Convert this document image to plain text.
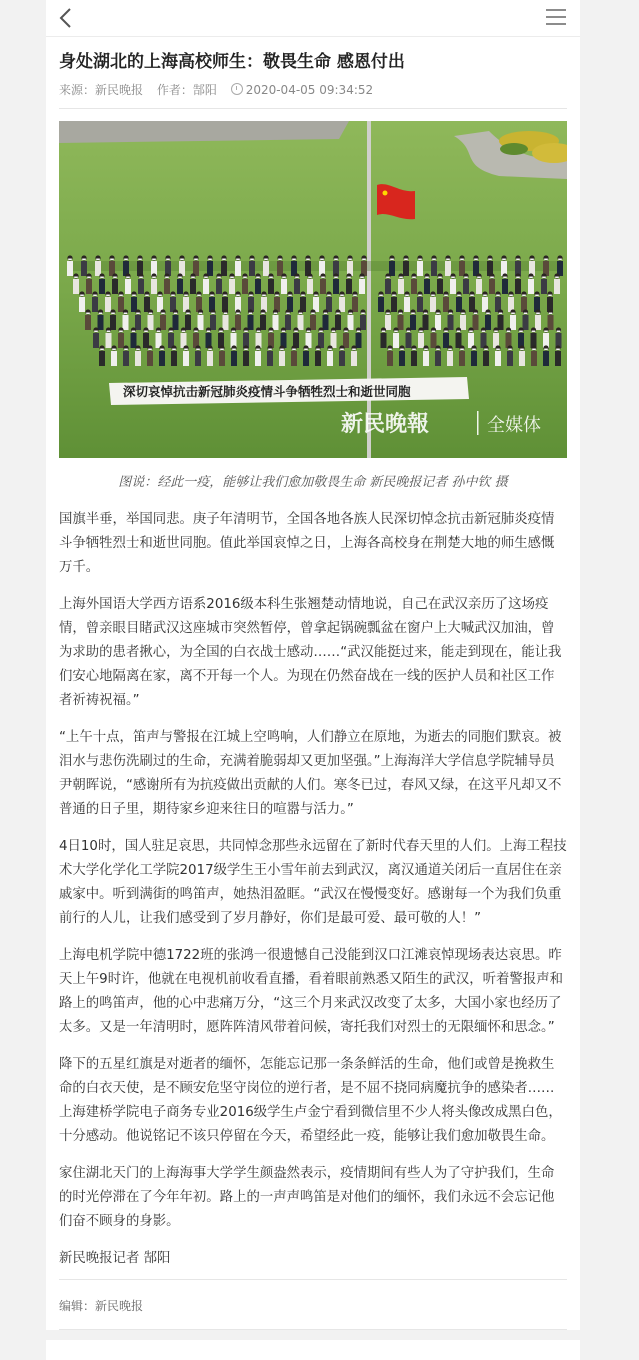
身处湖北的上海高校师生：敬畏生命 感恩付出
来源：新民晚报 作者：郜阳 2020-04-05 09:34:52
深切哀悼抗击新冠肺炎疫情斗争牺牲烈士和逝世同胞
新民晚報	全媒体
图说：经此一疫，能够让我们愈加敬畏生命 新民晚报记者 孙中钦 摄

国旗半垂，举国同悲。庚子年清明节，全国各地各族人民深切悼念抗击新冠肺炎疫情斗争牺牲烈士和逝世同胞。值此举国哀悼之日，上海各高校身在荆楚大地的师生感慨万千。

上海外国语大学西方语系2016级本科生张翘楚动情地说，自己在武汉亲历了这场疫情，曾亲眼目睹武汉这座城市突然暂停，曾拿起锅碗瓢盆在窗户上大喊武汉加油，曾为求助的患者揪心，为全国的白衣战士感动……“武汉能挺过来，能走到现在，能让我们安心地隔离在家，离不开每一个人。为现在仍然奋战在一线的医护人员和社区工作者祈祷祝福。”

“上午十点，笛声与警报在江城上空鸣响，人们静立在原地，为逝去的同胞们默哀。被泪水与悲伤洗刷过的生命，充满着脆弱却又更加坚强。”上海海洋大学信息学院辅导员尹朝晖说，“感谢所有为抗疫做出贡献的人们。寒冬已过，春风又绿，在这平凡却又不普通的日子里，期待家乡迎来往日的喧嚣与活力。”

4日10时，国人驻足哀思，共同悼念那些永远留在了新时代春天里的人们。上海工程技术大学化学化工学院2017级学生王小雪年前去到武汉，离汉通道关闭后一直居住在亲戚家中。听到满街的鸣笛声，她热泪盈眶。“武汉在慢慢变好。感谢每一个为我们负重前行的人儿，让我们感受到了岁月静好，你们是最可爱、最可敬的人！”

上海电机学院中德1722班的张鸿一很遗憾自己没能到汉口江滩哀悼现场表达哀思。昨天上午9时许，他就在电视机前收看直播，看着眼前熟悉又陌生的武汉，听着警报声和路上的鸣笛声，他的心中悲痛万分，“这三个月来武汉改变了太多，大国小家也经历了太多。又是一年清明时，愿阵阵清风带着问候，寄托我们对烈士的无限缅怀和思念。”

降下的五星红旗是对逝者的缅怀，怎能忘记那一条条鲜活的生命，他们或曾是挽救生命的白衣天使，是不顾安危坚守岗位的逆行者，是不屈不挠同病魔抗争的感染者……上海建桥学院电子商务专业2016级学生卢金宁看到微信里不少人将头像改成黑白色，十分感动。他说铭记不该只停留在今天，希望经此一疫，能够让我们愈加敬畏生命。

家住湖北天门的上海海事大学学生颜盎然表示，疫情期间有些人为了守护我们，生命的时光停滞在了今年年初。路上的一声声鸣笛是对他们的缅怀，我们永远不会忘记他们奋不顾身的身影。

新民晚报记者 郜阳

编辑：新民晚报
